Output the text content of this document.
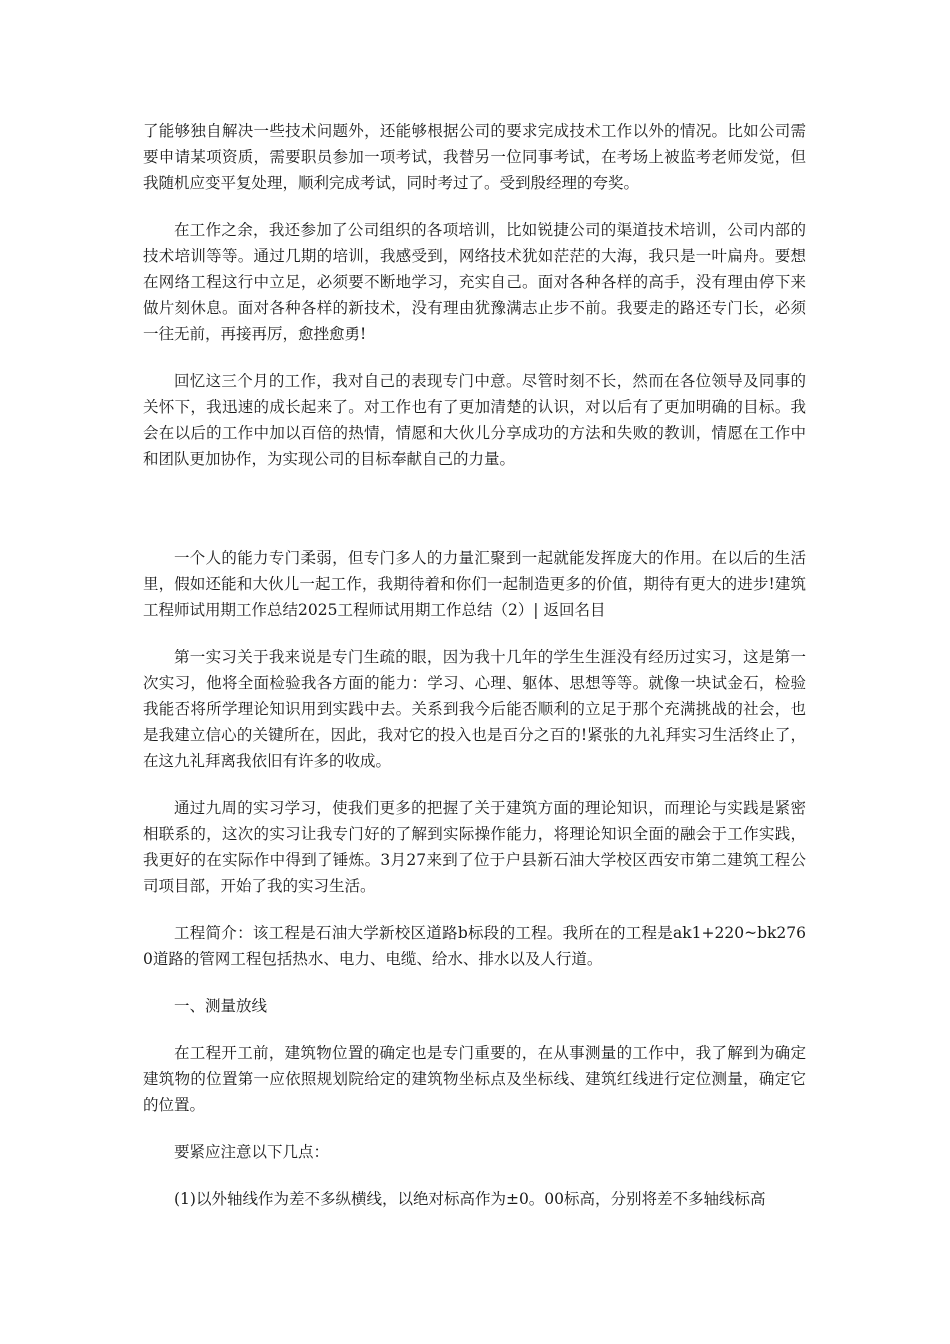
了能够独自解决一些技术问题外，还能够根据公司的要求完成技术工作以外的情况。比如公司需要申请某项资质，需要职员参加一项考试，我替另一位同事考试，在考场上被监考老师发觉，但我随机应变平复处理，顺利完成考试，同时考过了。受到殷经理的夸奖。

在工作之余，我还参加了公司组织的各项培训，比如锐捷公司的渠道技术培训，公司内部的技术培训等等。通过几期的培训，我感受到，网络技术犹如茫茫的大海，我只是一叶扁舟。要想在网络工程这行中立足，必须要不断地学习，充实自己。面对各种各样的高手，没有理由停下来做片刻休息。面对各种各样的新技术，没有理由犹豫满志止步不前。我要走的路还专门长，必须一往无前，再接再厉，愈挫愈勇!

回忆这三个月的工作，我对自己的表现专门中意。尽管时刻不长，然而在各位领导及同事的关怀下，我迅速的成长起来了。对工作也有了更加清楚的认识，对以后有了更加明确的目标。我会在以后的工作中加以百倍的热情，情愿和大伙儿分享成功的方法和失败的教训，情愿在工作中和团队更加协作，为实现公司的目标奉献自己的力量。

一个人的能力专门柔弱，但专门多人的力量汇聚到一起就能发挥庞大的作用。在以后的生活里，假如还能和大伙儿一起工作，我期待着和你们一起制造更多的价值，期待有更大的进步!建筑工程师试用期工作总结2025工程师试用期工作总结（2）| 返回名目

第一实习关于我来说是专门生疏的眼，因为我十几年的学生生涯没有经历过实习，这是第一次实习，他将全面检验我各方面的能力：学习、心理、躯体、思想等等。就像一块试金石，检验我能否将所学理论知识用到实践中去。关系到我今后能否顺利的立足于那个充满挑战的社会，也是我建立信心的关键所在，因此，我对它的投入也是百分之百的!紧张的九礼拜实习生活终止了，在这九礼拜离我依旧有许多的收成。

通过九周的实习学习，使我们更多的把握了关于建筑方面的理论知识，而理论与实践是紧密相联系的，这次的实习让我专门好的了解到实际操作能力，将理论知识全面的融会于工作实践，我更好的在实际作中得到了锤炼。3月27来到了位于户县新石油大学校区西安市第二建筑工程公司项目部，开始了我的实习生活。

工程简介：该工程是石油大学新校区道路b标段的工程。我所在的工程是ak1+220~bk2760道路的管网工程包括热水、电力、电缆、给水、排水以及人行道。

一、测量放线

在工程开工前，建筑物位置的确定也是专门重要的，在从事测量的工作中，我了解到为确定建筑物的位置第一应依照规划院给定的建筑物坐标点及坐标线、建筑红线进行定位测量，确定它的位置。

要紧应注意以下几点：

(1)以外轴线作为差不多纵横线，以绝对标高作为±0。00标高，分别将差不多轴线标高
